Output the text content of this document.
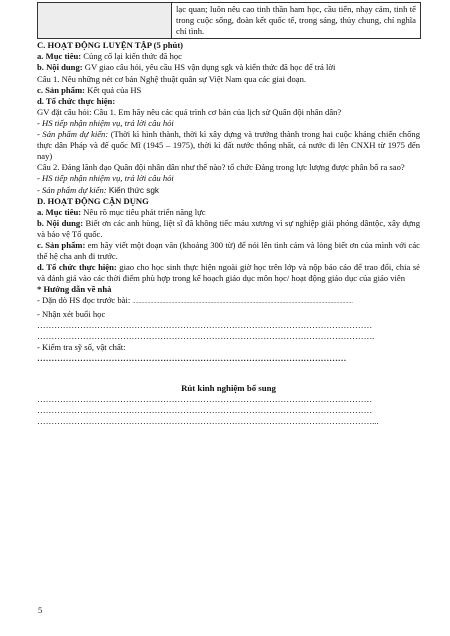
	lạc quan; luôn nêu cao tinh thần ham học, cầu tiến, nhạy cảm, tinh tế trong cuộc sống, đoàn kết quốc tế, trong sáng, thủy chung, chí nghĩa chí tình.

C. HOẠT ĐỘNG LUYỆN TẬP (5 phút)

a. Mục tiêu: Củng cố lại kiến thức đã học

b. Nội dung: GV giao câu hỏi, yêu cầu HS vận dụng sgk và kiến thức đã học để trả lời

Câu 1. Nêu những nét cơ bản Nghệ thuật quân sự Việt Nam qua các giai đoạn.

c. Sản phẩm: Kết quả của HS

d. Tổ chức thực hiện:

GV đặt câu hỏi: Câu 1. Em hãy nêu các quá trình cơ bản của lịch sử Quân đội nhân dân?

- HS tiếp nhận nhiệm vụ, trả lời câu hỏi

- Sản phẩm dự kiến: (Thời kì hình thành, thời kì xây dựng và trưởng thành trong hai cuộc kháng chiến chống thực dân Pháp và đế quốc Mĩ (1945 – 1975), thời kì đất nước thống nhất, cả nước đi lên CNXH từ 1975 đến nay)

Câu 2. Đảng lãnh đạo Quân đội nhân dân như thế nào? tổ chức Đảng trong lực lượng được phân bố ra sao?

- HS tiếp nhận nhiệm vụ, trả lời câu hỏi

- Sản phẩm dự kiến: Kiến thức sgk

D. HOẠT ĐỘNG CẬN DỤNG

a. Mục tiêu: Nêu rõ mục tiêu phát triển năng lực

b. Nội dung: Biết ơn các anh hùng, liệt sĩ đã không tiếc máu xương vì sự nghiệp giải phóng dântộc, xây dựng và bảo vệ Tổ quốc.

c. Sản phẩm: em hãy viết một đoạn văn (khoảng 300 từ) để nói lên tình cảm và lòng biết ơn của mình với các thế hệ cha anh đi trước.

d. Tổ chức thực hiện: giao cho học sinh thực hiện ngoài giờ học trên lớp và nộp báo cáo để trao đổi, chia sẻ và đánh giá vào các thời điểm phù hợp trong kế hoạch giáo dục môn học/ hoạt động giáo dục của giáo viên

* Hướng dẫn về nhà

- Dặn dò HS đọc trước bài: ...................................................................................................................................................

- Nhận xét buổi học

………………………………………………………………………………………………………

……………………………………………………………………………………………………….

- Kiểm tra sỹ số, vật chất:

………………………………………………………………………………………………

Rút kinh nghiệm bổ sung

………………………………………………………………………………………………………

………………………………………………………………………………………………………

………………………………………………………………………………………………………...

5
